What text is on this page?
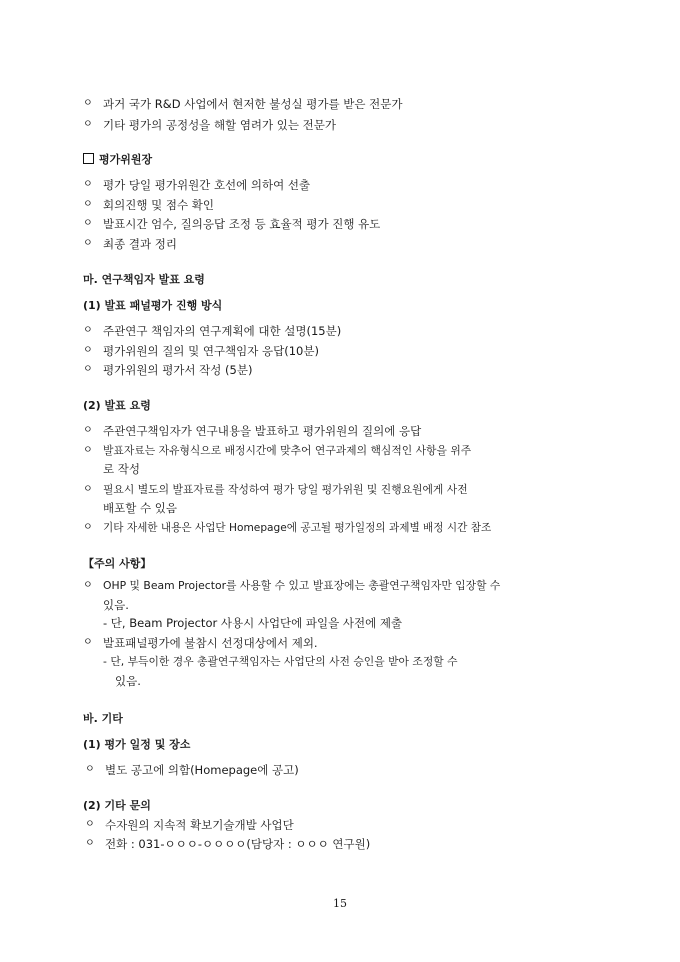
ㅇ 과거 국가 R&D 사업에서 현저한 불성실 평가를 받은 전문가
ㅇ 기타 평가의 공정성을 해할 염려가 있는 전문가
평가위원장
ㅇ 평가 당일 평가위원간 호선에 의하여 선출
ㅇ 회의진행 및 점수 확인
ㅇ 발표시간 엄수, 질의응답 조정 등 효율적 평가 진행 유도
ㅇ 최종 결과 정리
마. 연구책임자 발표 요령
(1) 발표 패널평가 진행 방식
ㅇ 주관연구 책임자의 연구계획에 대한 설명(15분)
ㅇ 평가위원의 질의 및 연구책임자 응답(10분)
ㅇ 평가위원의 평가서 작성 (5분)
(2) 발표 요령
ㅇ 주관연구책임자가 연구내용을 발표하고 평가위원의 질의에 응답
ㅇ 발표자료는 자유형식으로 배정시간에 맞추어 연구과제의 핵심적인 사항을 위주
로 작성
ㅇ 필요시 별도의 발표자료를 작성하여 평가 당일 평가위원 및 진행요원에게 사전
배포할 수 있음
ㅇ 기타 자세한 내용은 사업단 Homepage에 공고될 평가일정의 과제별 배정 시간 참조
【주의 사항】
ㅇ OHP 및 Beam Projector를 사용할 수 있고 발표장에는 총괄연구책임자만 입장할 수
있음.
- 단, Beam Projector 사용시 사업단에 파일을 사전에 제출
ㅇ 발표패널평가에 불참시 선정대상에서 제외.
- 단, 부득이한 경우 총괄연구책임자는 사업단의 사전 승인을 받아 조정할 수
있음.
바. 기타
(1) 평가 일정 및 장소
ㅇ 별도 공고에 의함(Homepage에 공고)
(2) 기타 문의
ㅇ 수자원의 지속적 확보기술개발 사업단
ㅇ 전화 : 031-ㅇㅇㅇ-ㅇㅇㅇㅇ(담당자 : ㅇㅇㅇ 연구원)
15
